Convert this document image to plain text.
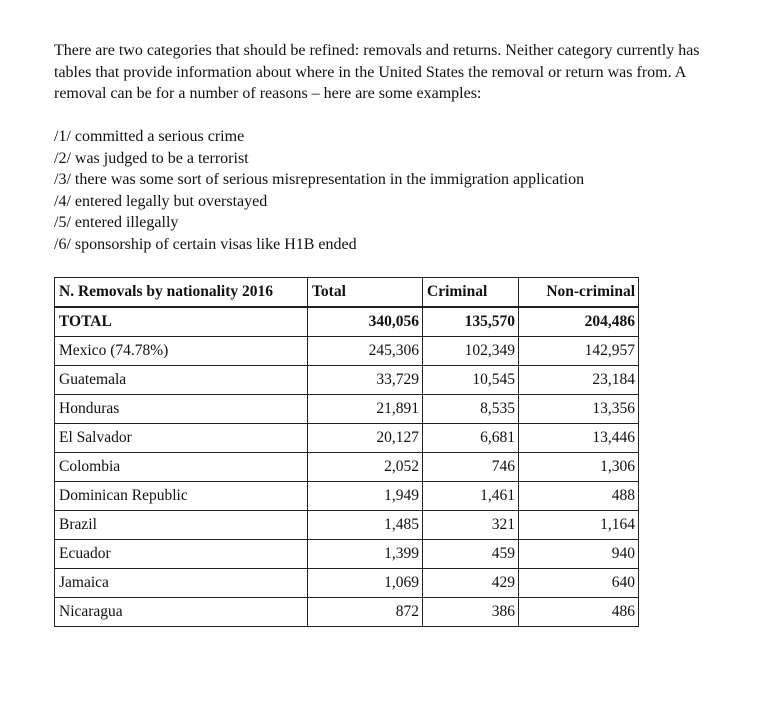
There are two categories that should be refined: removals and returns. Neither category currently has tables that provide information about where in the United States the removal or return was from. A removal can be for a number of reasons – here are some examples:

/1/ committed a serious crime
/2/ was judged to be a terrorist
/3/ there was some sort of serious misrepresentation in the immigration application
/4/ entered legally but overstayed
/5/ entered illegally
/6/ sponsorship of certain visas like H1B ended
N. Removals by nationality 2016	Total	Criminal	Non-criminal
TOTAL	340,056	135,570	204,486
Mexico (74.78%)	245,306	102,349	142,957
Guatemala	33,729	10,545	23,184
Honduras	21,891	8,535	13,356
El Salvador	20,127	6,681	13,446
Colombia	2,052	746	1,306
Dominican Republic	1,949	1,461	488
Brazil	1,485	321	1,164
Ecuador	1,399	459	940
Jamaica	1,069	429	640
Nicaragua	872	386	486
